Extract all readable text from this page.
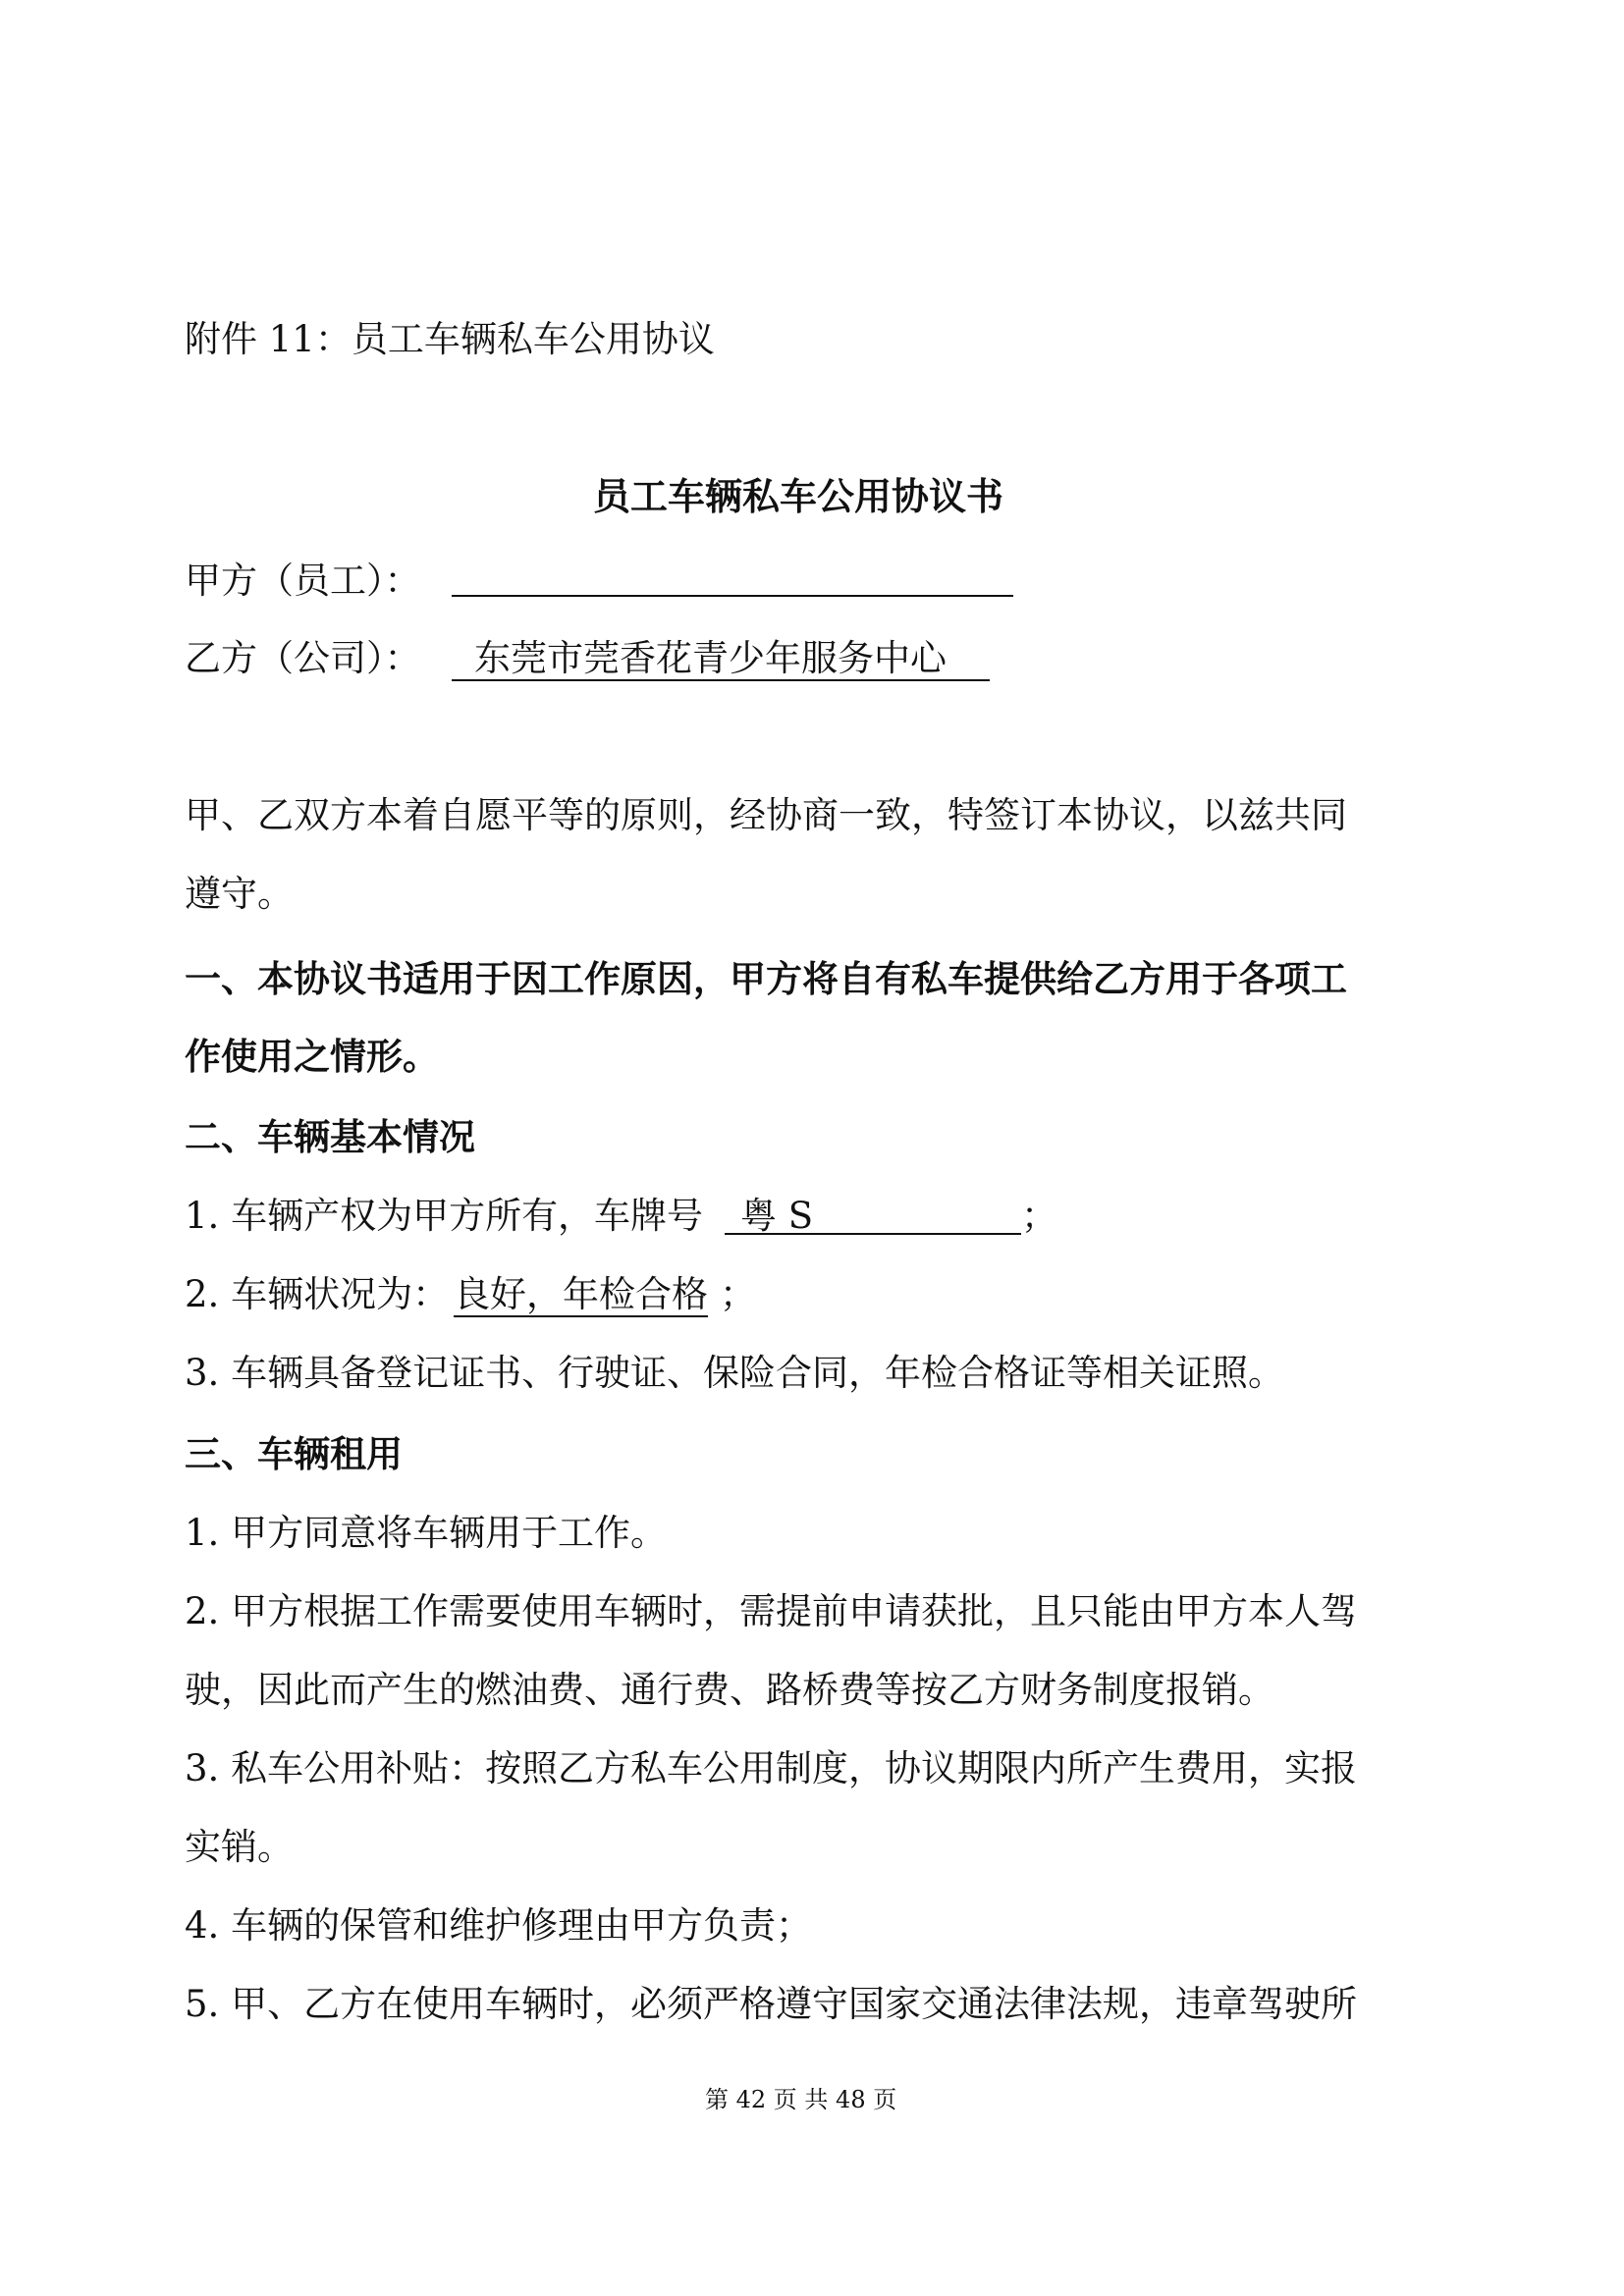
附件 11：员工车辆私车公用协议

员工车辆私车公用协议书

甲方（员工）：

乙方（公司）： 东莞市莞香花青少年服务中心

甲、乙双方本着自愿平等的原则，经协商一致，特签订本协议，以兹共同

遵守。

一、本协议书适用于因工作原因，甲方将自有私车提供给乙方用于各项工

作使用之情形。

二、车辆基本情况

1. 车辆产权为甲方所有，车牌号 粤 S	；

2. 车辆状况为： 良好，年检合格 ；

3. 车辆具备登记证书、行驶证、保险合同，年检合格证等相关证照。

三、车辆租用

1. 甲方同意将车辆用于工作。

2. 甲方根据工作需要使用车辆时，需提前申请获批，且只能由甲方本人驾

驶，因此而产生的燃油费、通行费、路桥费等按乙方财务制度报销。

3. 私车公用补贴：按照乙方私车公用制度，协议期限内所产生费用，实报

实销。

4. 车辆的保管和维护修理由甲方负责；

5. 甲、乙方在使用车辆时，必须严格遵守国家交通法律法规，违章驾驶所

第 42 页 共 48 页
